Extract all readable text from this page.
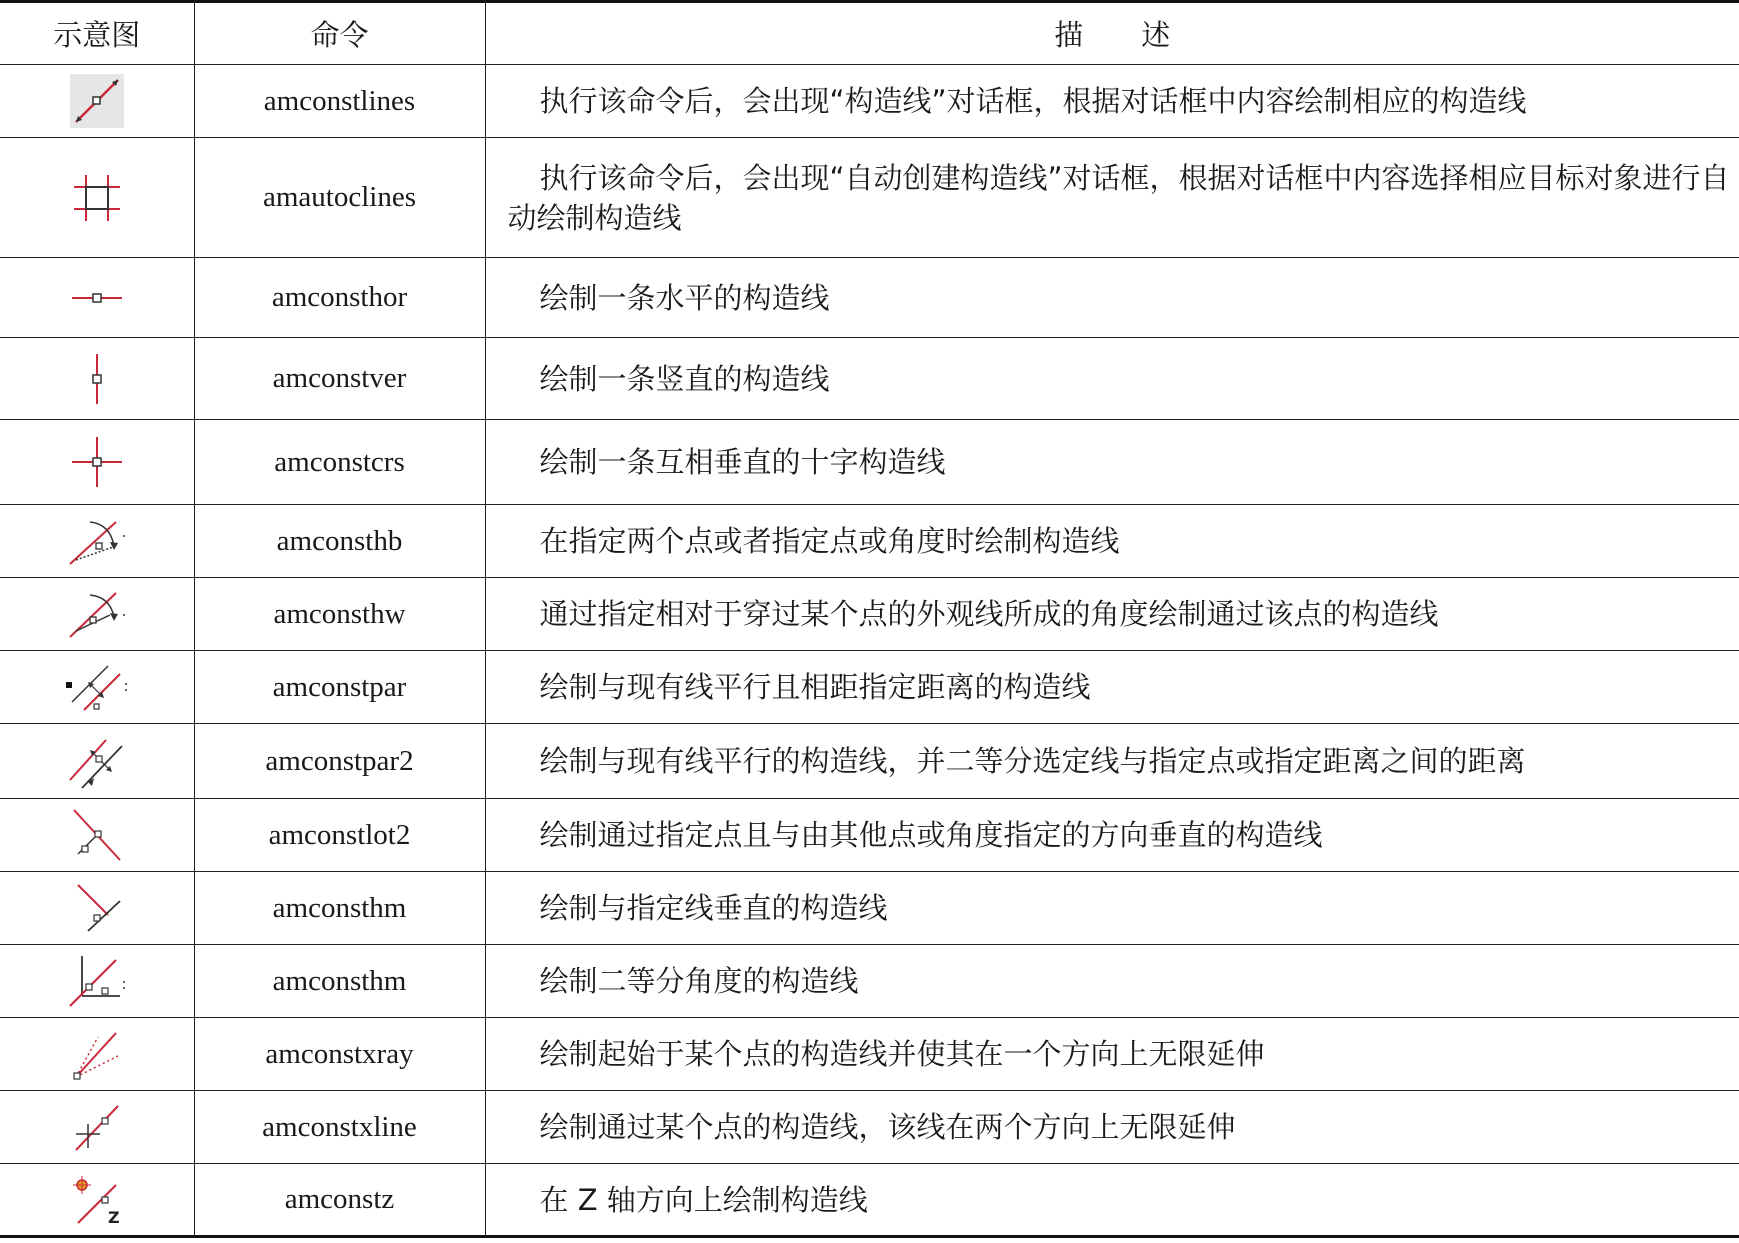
示意图	命令	描　　述

	amconstlines	执行该命令后，会出现“构造线”对话框，根据对话框中内容绘制相应的构造线

	amautoclines	执行该命令后，会出现“自动创建构造线”对话框，根据对话框中内容选择相应目标对象进行自动绘制构造线

	amconsthor	绘制一条水平的构造线

	amconstver	绘制一条竖直的构造线

	amconstcrs	绘制一条互相垂直的十字构造线

	amconsthb	在指定两个点或者指定点或角度时绘制构造线

	amconsthw	通过指定相对于穿过某个点的外观线所成的角度绘制通过该点的构造线

	amconstpar	绘制与现有线平行且相距指定距离的构造线

	amconstpar2	绘制与现有线平行的构造线，并二等分选定线与指定点或指定距离之间的距离

	amconstlot2	绘制通过指定点且与由其他点或角度指定的方向垂直的构造线

	amconsthm	绘制与指定线垂直的构造线

	amconsthm	绘制二等分角度的构造线

	amconstxray	绘制起始于某个点的构造线并使其在一个方向上无限延伸

	amconstxline	绘制通过某个点的构造线，该线在两个方向上无限延伸

Z	amconstz	在 Z 轴方向上绘制构造线
